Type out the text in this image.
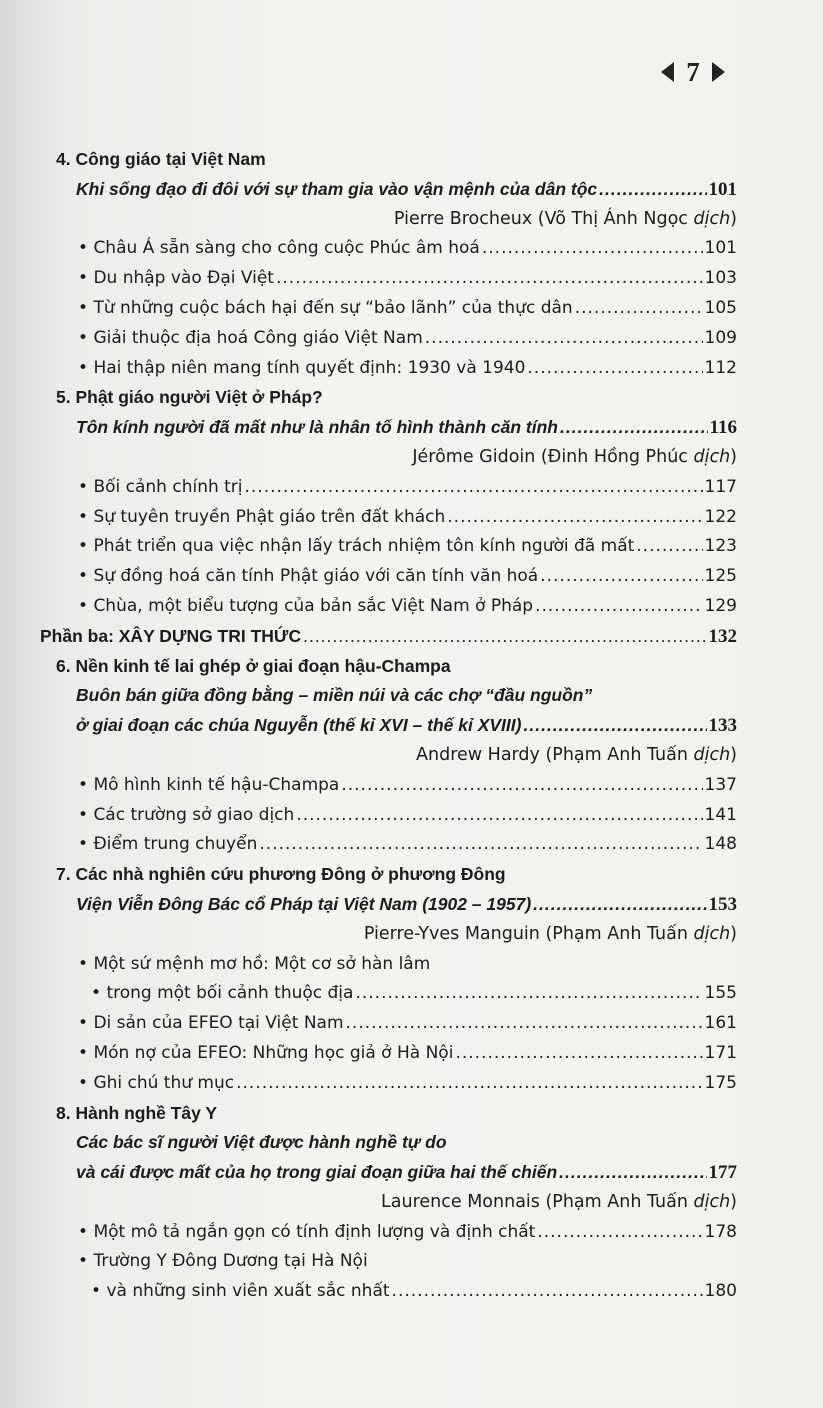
7
4. Công giáo tại Việt Nam
Khi sống đạo đi đôi với sự tham gia vào vận mệnh của dân tộc .....	101
Pierre Brocheux (Võ Thị Ánh Ngọc dịch)
• Châu Á sẵn sàng cho công cuộc Phúc âm hoá .....	101
• Du nhập vào Đại Việt .....	103
• Từ những cuộc bách hại đến sự “bảo lãnh” của thực dân .....	105
• Giải thuộc địa hoá Công giáo Việt Nam .....	109
• Hai thập niên mang tính quyết định: 1930 và 1940 .....	112
5. Phật giáo người Việt ở Pháp?
Tôn kính người đã mất như là nhân tố hình thành căn tính .....	116
Jérôme Gidoin (Đinh Hồng Phúc dịch)
• Bối cảnh chính trị .....	117
• Sự tuyên truyền Phật giáo trên đất khách .....	122
• Phát triển qua việc nhận lấy trách nhiệm tôn kính người đã mất .....	123
• Sự đồng hoá căn tính Phật giáo với căn tính văn hoá .....	125
• Chùa, một biểu tượng của bản sắc Việt Nam ở Pháp .....	129
Phần ba: XÂY DỰNG TRI THỨC .....	132
6. Nền kinh tế lai ghép ở giai đoạn hậu-Champa
Buôn bán giữa đồng bằng – miền núi và các chợ “đầu nguồn”
ở giai đoạn các chúa Nguyễn (thế kỉ XVI – thế kỉ XVIII) .....	133
Andrew Hardy (Phạm Anh Tuấn dịch)
• Mô hình kinh tế hậu-Champa .....	137
• Các trường sở giao dịch .....	141
• Điểm trung chuyển .....	148
7. Các nhà nghiên cứu phương Đông ở phương Đông
Viện Viễn Đông Bác cổ Pháp tại Việt Nam (1902 – 1957) .....	153
Pierre-Yves Manguin (Phạm Anh Tuấn dịch)
• Một sứ mệnh mơ hồ: Một cơ sở hàn lâm
• trong một bối cảnh thuộc địa .....	155
• Di sản của EFEO tại Việt Nam .....	161
• Món nợ của EFEO: Những học giả ở Hà Nội .....	171
• Ghi chú thư mục .....	175
8. Hành nghề Tây Y
Các bác sĩ người Việt được hành nghề tự do
và cái được mất của họ trong giai đoạn giữa hai thế chiến .....	177
Laurence Monnais (Phạm Anh Tuấn dịch)
• Một mô tả ngắn gọn có tính định lượng và định chất .....	178
• Trường Y Đông Dương tại Hà Nội
• và những sinh viên xuất sắc nhất .....	180
